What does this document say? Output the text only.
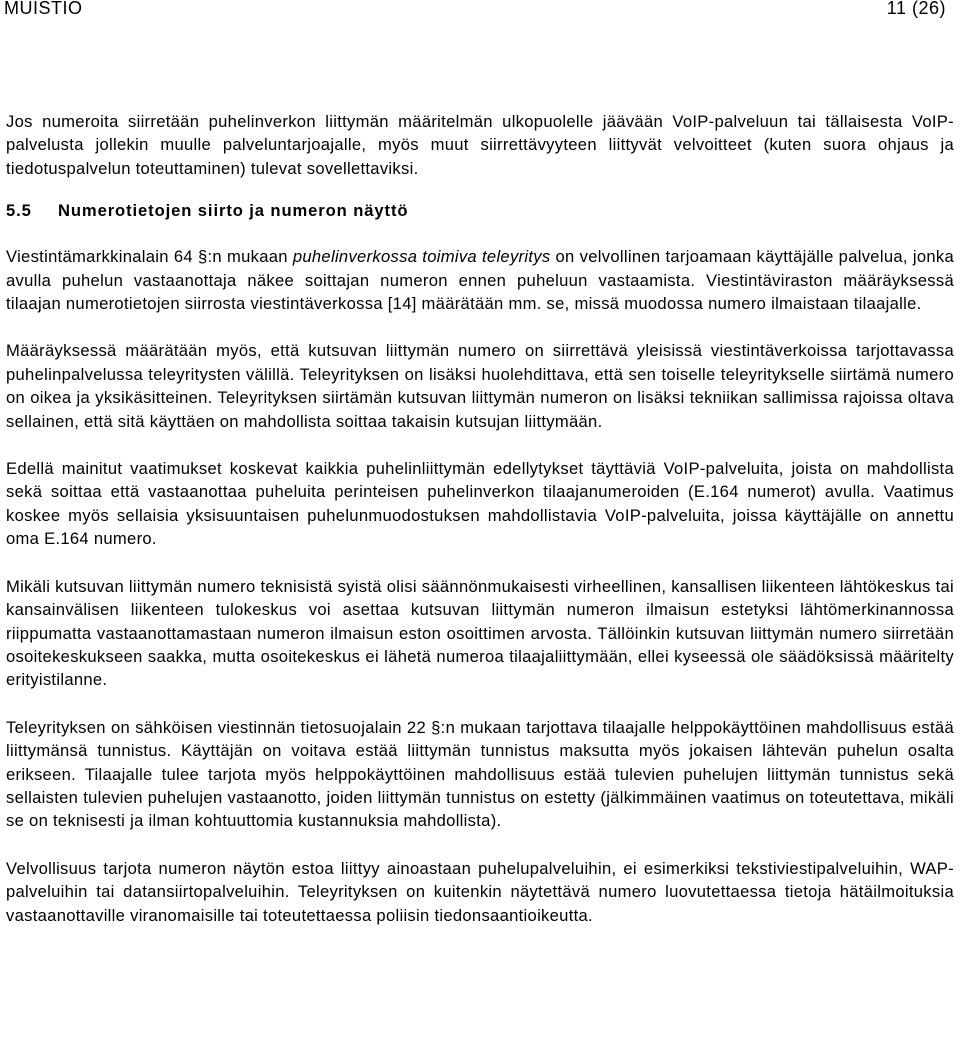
MUISTIO	11 (26)

Jos numeroita siirretään puhelinverkon liittymän määritelmän ulkopuolelle jäävään VoIP-palveluun tai tällaisesta VoIP-palvelusta jollekin muulle palveluntarjoajalle, myös muut siirrettävyyteen liittyvät velvoitteet (kuten suora ohjaus ja tiedotuspalvelun toteuttaminen) tulevat sovellettaviksi.

5.5 Numerotietojen siirto ja numeron näyttö

Viestintämarkkinalain 64 §:n mukaan puhelinverkossa toimiva teleyritys on velvollinen tarjoamaan käyttäjälle palvelua, jonka avulla puhelun vastaanottaja näkee soittajan numeron ennen puheluun vastaamista. Viestintäviraston määräyksessä tilaajan numerotietojen siirrosta viestintäverkossa [14] määrätään mm. se, missä muodossa numero ilmaistaan tilaajalle.

Määräyksessä määrätään myös, että kutsuvan liittymän numero on siirrettävä yleisissä viestintäverkoissa tarjottavassa puhelinpalvelussa teleyritysten välillä. Teleyrityksen on lisäksi huolehdittava, että sen toiselle teleyritykselle siirtämä numero on oikea ja yksikäsitteinen. Teleyrityksen siirtämän kutsuvan liittymän numeron on lisäksi tekniikan sallimissa rajoissa oltava sellainen, että sitä käyttäen on mahdollista soittaa takaisin kutsujan liittymään.

Edellä mainitut vaatimukset koskevat kaikkia puhelinliittymän edellytykset täyttäviä VoIP-palveluita, joista on mahdollista sekä soittaa että vastaanottaa puheluita perinteisen puhelinverkon tilaajanumeroiden (E.164 numerot) avulla. Vaatimus koskee myös sellaisia yksisuuntaisen puhelunmuodostuksen mahdollistavia VoIP-palveluita, joissa käyttäjälle on annettu oma E.164 numero.

Mikäli kutsuvan liittymän numero teknisistä syistä olisi säännönmukaisesti virheellinen, kansallisen liikenteen lähtökeskus tai kansainvälisen liikenteen tulokeskus voi asettaa kutsuvan liittymän numeron ilmaisun estetyksi lähtömerkinannossa riippumatta vastaanottamastaan numeron ilmaisun eston osoittimen arvosta. Tällöinkin kutsuvan liittymän numero siirretään osoitekeskukseen saakka, mutta osoitekeskus ei lähetä numeroa tilaajaliittymään, ellei kyseessä ole säädöksissä määritelty erityistilanne.

Teleyrityksen on sähköisen viestinnän tietosuojalain 22 §:n mukaan tarjottava tilaajalle helppokäyttöinen mahdollisuus estää liittymänsä tunnistus. Käyttäjän on voitava estää liittymän tunnistus maksutta myös jokaisen lähtevän puhelun osalta erikseen. Tilaajalle tulee tarjota myös helppokäyttöinen mahdollisuus estää tulevien puhelujen liittymän tunnistus sekä sellaisten tulevien puhelujen vastaanotto, joiden liittymän tunnistus on estetty (jälkimmäinen vaatimus on toteutettava, mikäli se on teknisesti ja ilman kohtuuttomia kustannuksia mahdollista).

Velvollisuus tarjota numeron näytön estoa liittyy ainoastaan puhelupalveluihin, ei esimerkiksi tekstiviestipalveluihin, WAP-palveluihin tai datansiirtopalveluihin. Teleyrityksen on kuitenkin näytettävä numero luovutettaessa tietoja hätäilmoituksia vastaanottaville viranomaisille tai toteutettaessa poliisin tiedonsaantioikeutta.
